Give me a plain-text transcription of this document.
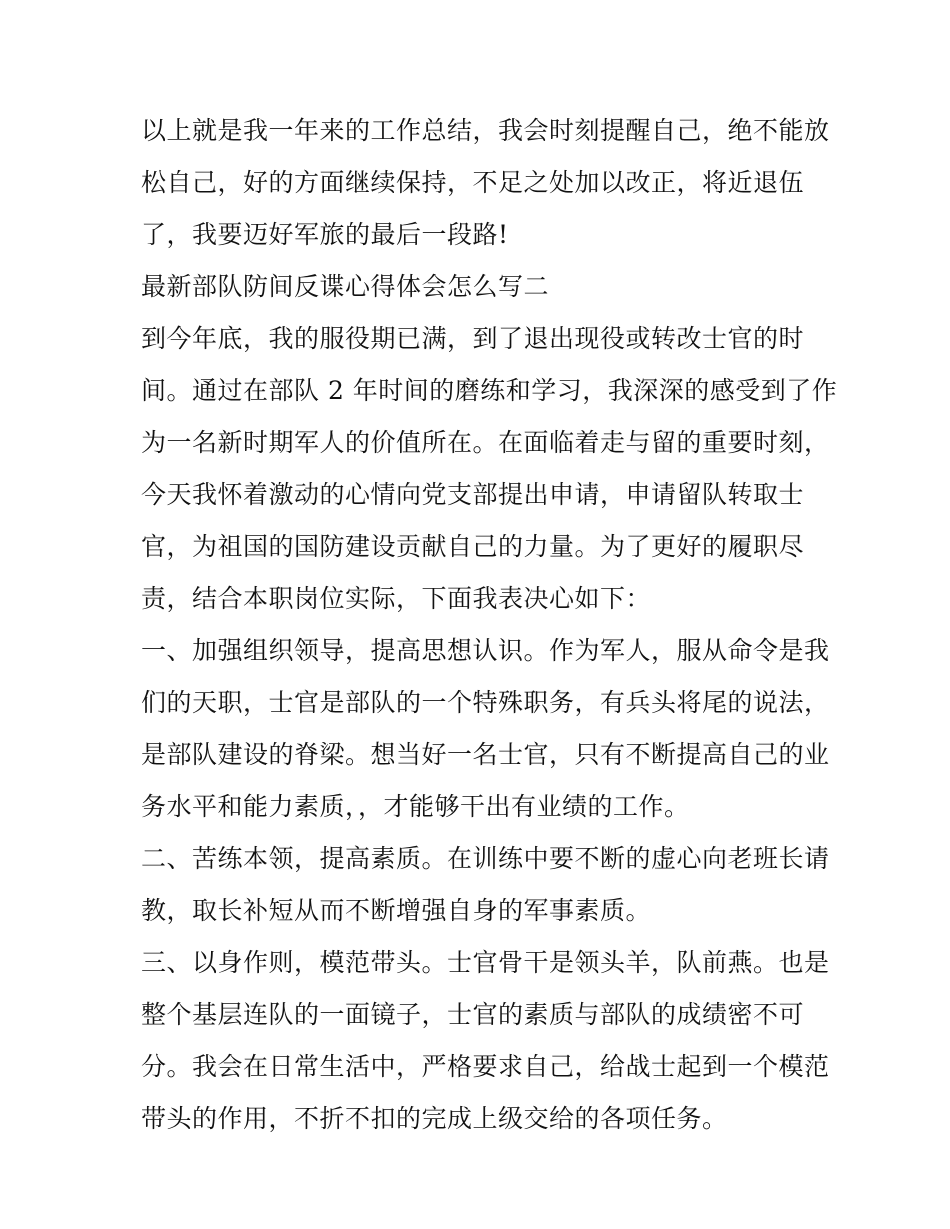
以上就是我一年来的工作总结，我会时刻提醒自己，绝不能放

松自己，好的方面继续保持，不足之处加以改正，将近退伍

了，我要迈好军旅的最后一段路!

最新部队防间反谍心得体会怎么写二

到今年底，我的服役期已满，到了退出现役或转改士官的时

间。通过在部队 2 年时间的磨练和学习，我深深的感受到了作

为一名新时期军人的价值所在。在面临着走与留的重要时刻，

今天我怀着激动的心情向党支部提出申请，申请留队转取士

官，为祖国的国防建设贡献自己的力量。为了更好的履职尽

责，结合本职岗位实际，下面我表决心如下：

一、加强组织领导，提高思想认识。作为军人，服从命令是我

们的天职，士官是部队的一个特殊职务，有兵头将尾的说法，

是部队建设的脊梁。想当好一名士官，只有不断提高自己的业

务水平和能力素质，，才能够干出有业绩的工作。

二、苦练本领，提高素质。在训练中要不断的虚心向老班长请

教，取长补短从而不断增强自身的军事素质。

三、以身作则，模范带头。士官骨干是领头羊，队前燕。也是

整个基层连队的一面镜子，士官的素质与部队的成绩密不可

分。我会在日常生活中，严格要求自己，给战士起到一个模范

带头的作用，不折不扣的完成上级交给的各项任务。
